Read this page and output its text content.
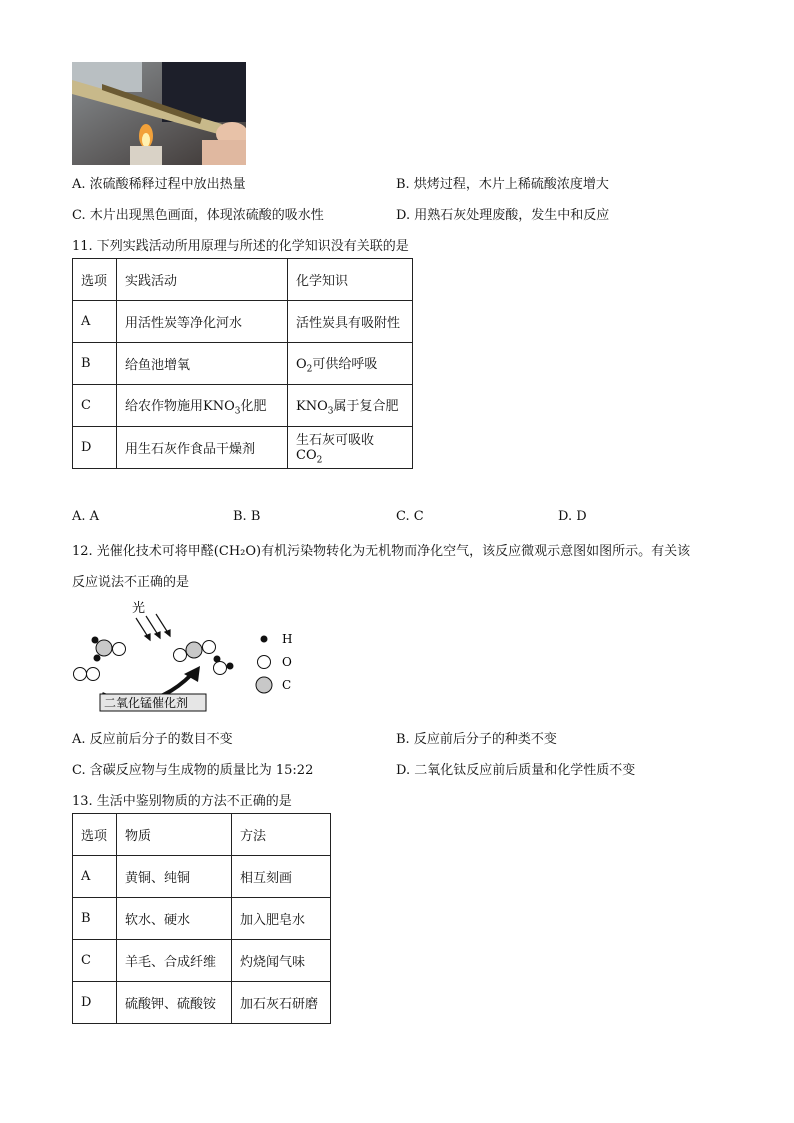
A. 浓硫酸稀释过程中放出热量	B. 烘烤过程，木片上稀硫酸浓度增大
C. 木片出现黑色画面，体现浓硫酸的吸水性	D. 用熟石灰处理废酸，发生中和反应
11. 下列实践活动所用原理与所述的化学知识没有关联的是
选项	实践活动	化学知识
A	用活性炭等净化河水	活性炭具有吸附性
B	给鱼池增氧	$O_2$可供给呼吸
C	给农作物施用$KNO_3$化肥	$KNO_3$属于复合肥
D	用生石灰作食品干燥剂	生石灰可吸收 $CO_2$
A. A	B. B	C. C	D. D
12. 光催化技术可将甲醛(CH₂O)有机污染物转化为无机物而净化空气，该反应微观示意图如图所示。有关该
反应说法不正确的是
光
二氧化锰催化剂
H
O
C
A. 反应前后分子的数目不变	B. 反应前后分子的种类不变
C. 含碳反应物与生成物的质量比为 15:22	D. 二氧化钛反应前后质量和化学性质不变
13. 生活中鉴别物质的方法不正确的是
选项	物质	方法
A	黄铜、纯铜	相互刻画
B	软水、硬水	加入肥皂水
C	羊毛、合成纤维	灼烧闻气味
D	硫酸钾、硫酸铵	加石灰石研磨
